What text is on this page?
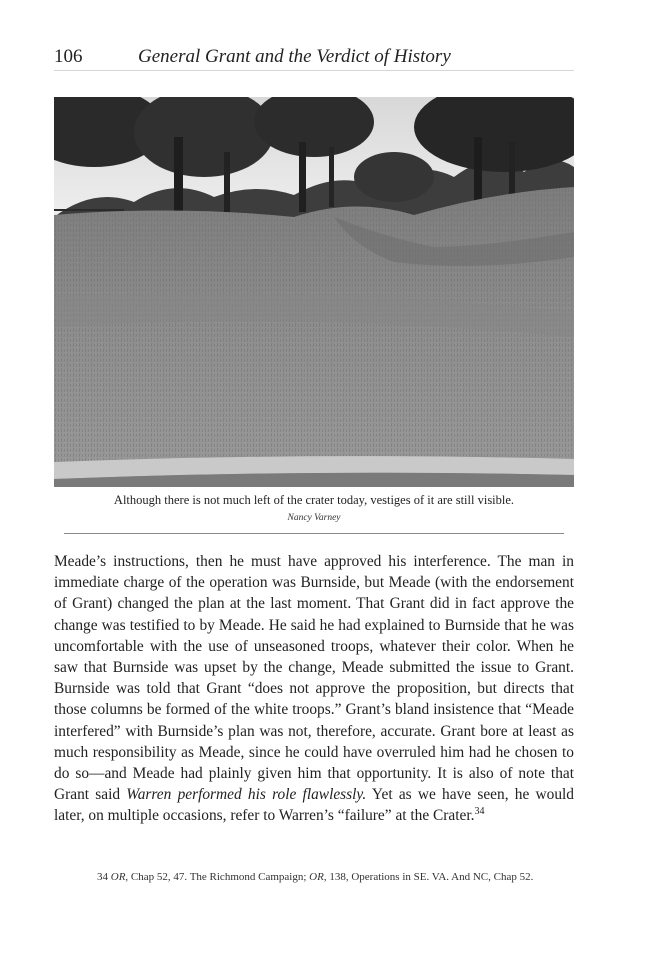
106	General Grant and the Verdict of History
Although there is not much left of the crater today, vestiges of it are still visible.
Nancy Varney

Meade’s instructions, then he must have approved his interference. The man in immediate charge of the operation was Burnside, but Meade (with the endorsement of Grant) changed the plan at the last moment. That Grant did in fact approve the change was testified to by Meade. He said he had explained to Burnside that he was uncomfortable with the use of unseasoned troops, whatever their color. When he saw that Burnside was upset by the change, Meade submitted the issue to Grant. Burnside was told that Grant “does not approve the proposition, but directs that those columns be formed of the white troops.” Grant’s bland insistence that “Meade interfered” with Burnside’s plan was not, therefore, accurate. Grant bore at least as much responsibility as Meade, since he could have overruled him had he chosen to do so—and Meade had plainly given him that opportunity. It is also of note that Grant said Warren performed his role flawlessly. Yet as we have seen, he would later, on multiple occasions, refer to Warren’s “failure” at the Crater.$^{34}$

34 OR, Chap 52, 47. The Richmond Campaign; OR, 138, Operations in SE. VA. And NC, Chap 52.
